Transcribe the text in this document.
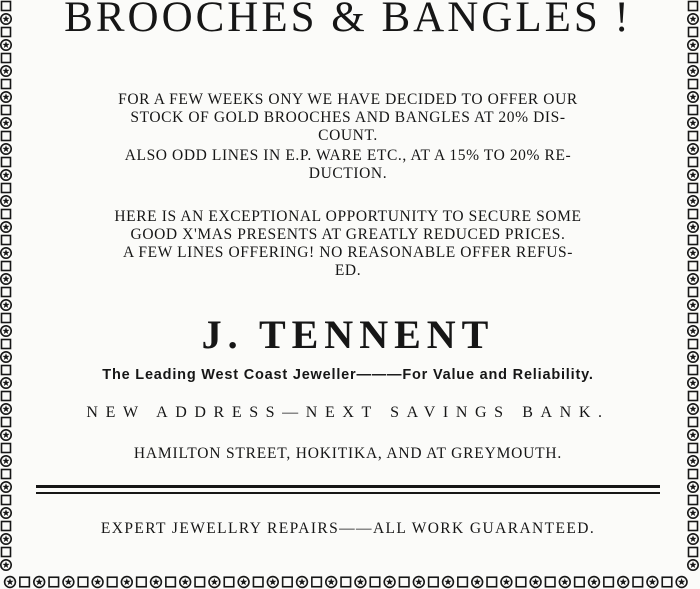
BROOCHES & BANGLES !
FOR A FEW WEEKS ONY WE HAVE DECIDED TO OFFER OUR
STOCK OF GOLD BROOCHES AND BANGLES AT 20% DIS-
COUNT.
ALSO ODD LINES IN E.P. WARE ETC., AT A 15% TO 20% RE-
DUCTION.
HERE IS AN EXCEPTIONAL OPPORTUNITY TO SECURE SOME
GOOD X'MAS PRESENTS AT GREATLY REDUCED PRICES.
A FEW LINES OFFERING! NO REASONABLE OFFER REFUS-
ED.
J. TENNENT
The Leading West Coast Jeweller———For Value and Reliability.
NEW ADDRESS—NEXT SAVINGS BANK.
HAMILTON STREET, HOKITIKA, AND AT GREYMOUTH.
EXPERT JEWELLRY REPAIRS——ALL WORK GUARANTEED.
